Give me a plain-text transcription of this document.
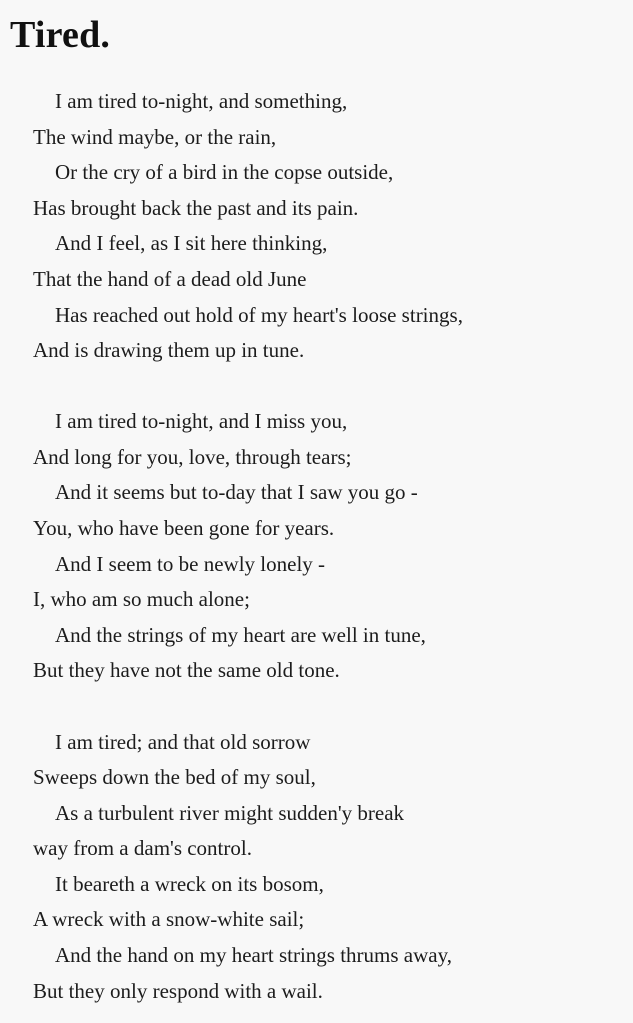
Tired.
I am tired to-night, and something,
The wind maybe, or the rain,
Or the cry of a bird in the copse outside,
Has brought back the past and its pain.
And I feel, as I sit here thinking,
That the hand of a dead old June
Has reached out hold of my heart's loose strings,
And is drawing them up in tune.
I am tired to-night, and I miss you,
And long for you, love, through tears;
And it seems but to-day that I saw you go -
You, who have been gone for years.
And I seem to be newly lonely -
I, who am so much alone;
And the strings of my heart are well in tune,
But they have not the same old tone.
I am tired; and that old sorrow
Sweeps down the bed of my soul,
As a turbulent river might sudden'y break
way from a dam's control.
It beareth a wreck on its bosom,
A wreck with a snow-white sail;
And the hand on my heart strings thrums away,
But they only respond with a wail.
